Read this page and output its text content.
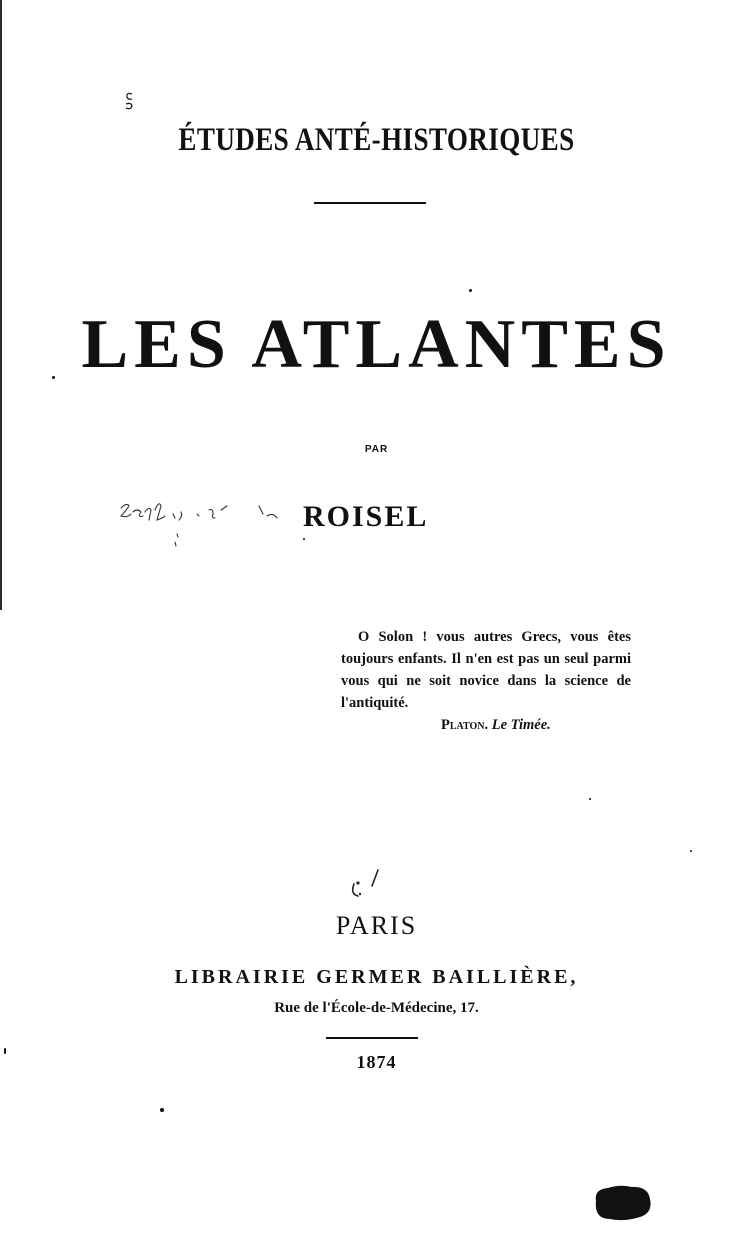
ÉTUDES ANTÉ-HISTORIQUES
LES ATLANTES
PAR
ROISEL
O Solon ! vous autres Grecs, vous êtes toujours enfants. Il n'en est pas un seul parmi vous qui ne soit novice dans la science de l'antiquité.
Platon. Le Timée.
PARIS
LIBRAIRIE GERMER BAILLIÈRE,
Rue de l'École-de-Médecine, 17.
1874
